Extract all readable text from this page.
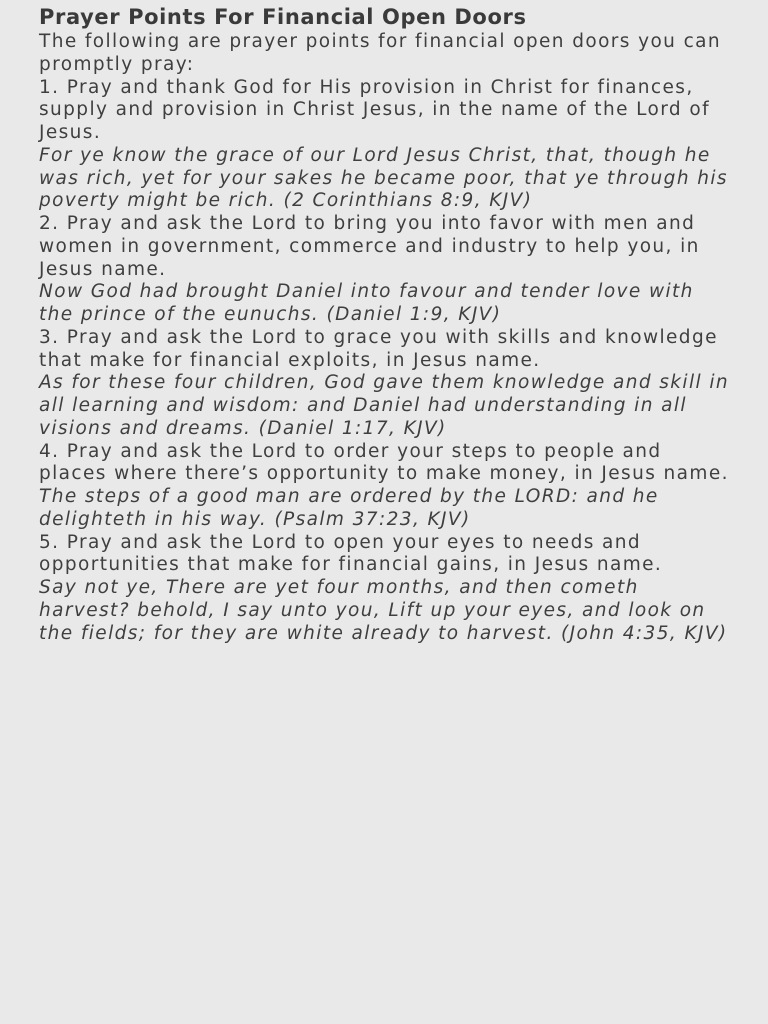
Prayer Points For Financial Open Doors

The following are prayer points for financial open doors you can promptly pray:

1. Pray and thank God for His provision in Christ for finances, supply and provision in Christ Jesus, in the name of the Lord of Jesus.

For ye know the grace of our Lord Jesus Christ, that, though he was rich, yet for your sakes he became poor, that ye through his poverty might be rich. (2 Corinthians 8:9, KJV)

2. Pray and ask the Lord to bring you into favor with men and women in government, commerce and industry to help you, in Jesus name.

Now God had brought Daniel into favour and tender love with the prince of the eunuchs. (Daniel 1:9, KJV)

3. Pray and ask the Lord to grace you with skills and knowledge that make for financial exploits, in Jesus name.

As for these four children, God gave them knowledge and skill in all learning and wisdom: and Daniel had understanding in all visions and dreams. (Daniel 1:17, KJV)

4. Pray and ask the Lord to order your steps to people and places where there’s opportunity to make money, in Jesus name.

The steps of a good man are ordered by the LORD: and he delighteth in his way. (Psalm 37:23, KJV)

5. Pray and ask the Lord to open your eyes to needs and opportunities that make for financial gains, in Jesus name.

Say not ye, There are yet four months, and then cometh harvest? behold, I say unto you, Lift up your eyes, and look on the fields; for they are white already to harvest. (John 4:35, KJV)
